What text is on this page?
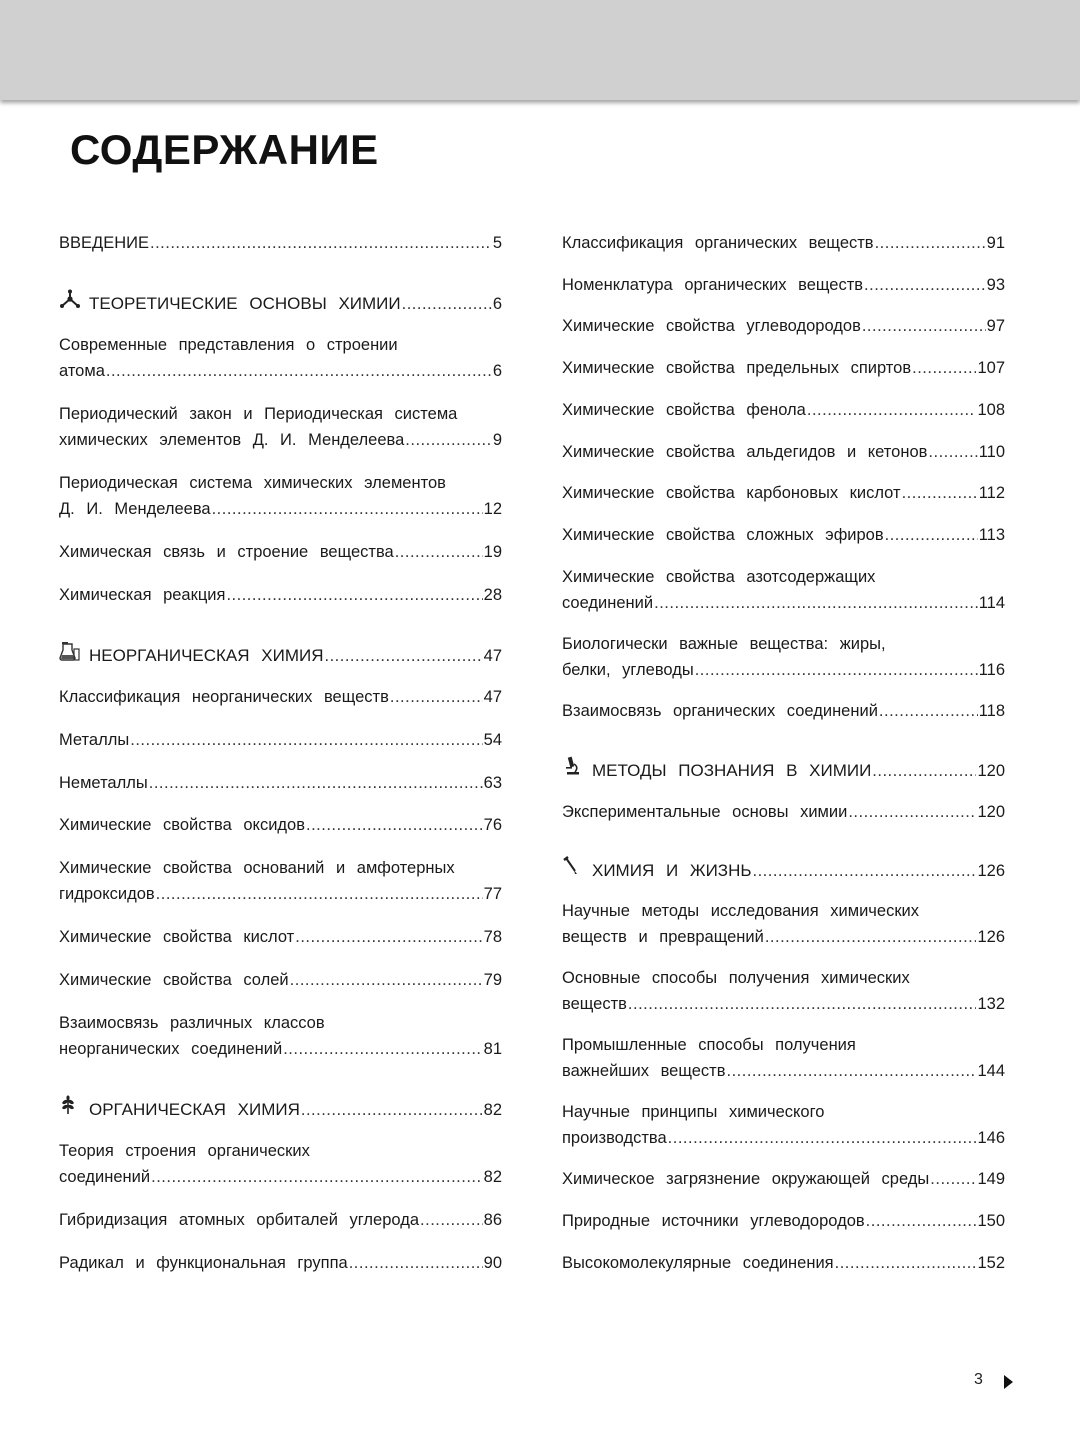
СОДЕРЖАНИЕ
ВВЕДЕНИЕ .....	5
ТЕОРЕТИЧЕСКИЕ ОСНОВЫ ХИМИИ .....	6
Современные представления о строении
атома .....	6
Периодический закон и Периодическая система
химических элементов Д. И. Менделеева .....	9
Периодическая система химических элементов
Д. И. Менделеева .....	12
Химическая связь и строение вещества .....	19
Химическая реакция .....	28
НЕОРГАНИЧЕСКАЯ ХИМИЯ .....	47
Классификация неорганических веществ .....	47
Металлы .....	54
Неметаллы .....	63
Химические свойства оксидов .....	76
Химические свойства оснований и амфотерных
гидроксидов .....	77
Химические свойства кислот .....	78
Химические свойства солей .....	79
Взаимосвязь различных классов
неорганических соединений .....	81
ОРГАНИЧЕСКАЯ ХИМИЯ .....	82
Теория строения органических
соединений .....	82
Гибридизация атомных орбиталей углерода .....	86
Радикал и функциональная группа .....	90
Классификация органических веществ .....	91
Номенклатура органических веществ .....	93
Химические свойства углеводородов .....	97
Химические свойства предельных спиртов .....	107
Химические свойства фенола .....	108
Химические свойства альдегидов и кетонов .....	110
Химические свойства карбоновых кислот .....	112
Химические свойства сложных эфиров .....	113
Химические свойства азотсодержащих
соединений .....	114
Биологически важные вещества: жиры,
белки, углеводы .....	116
Взаимосвязь органических соединений .....	118
МЕТОДЫ ПОЗНАНИЯ В ХИМИИ .....	120
Экспериментальные основы химии .....	120
ХИМИЯ И ЖИЗНЬ .....	126
Научные методы исследования химических
веществ и превращений .....	126
Основные способы получения химических
веществ .....	132
Промышленные способы получения
важнейших веществ .....	144
Научные принципы химического
производства .....	146
Химическое загрязнение окружающей среды .....	149
Природные источники углеводородов .....	150
Высокомолекулярные соединения .....	152
3
